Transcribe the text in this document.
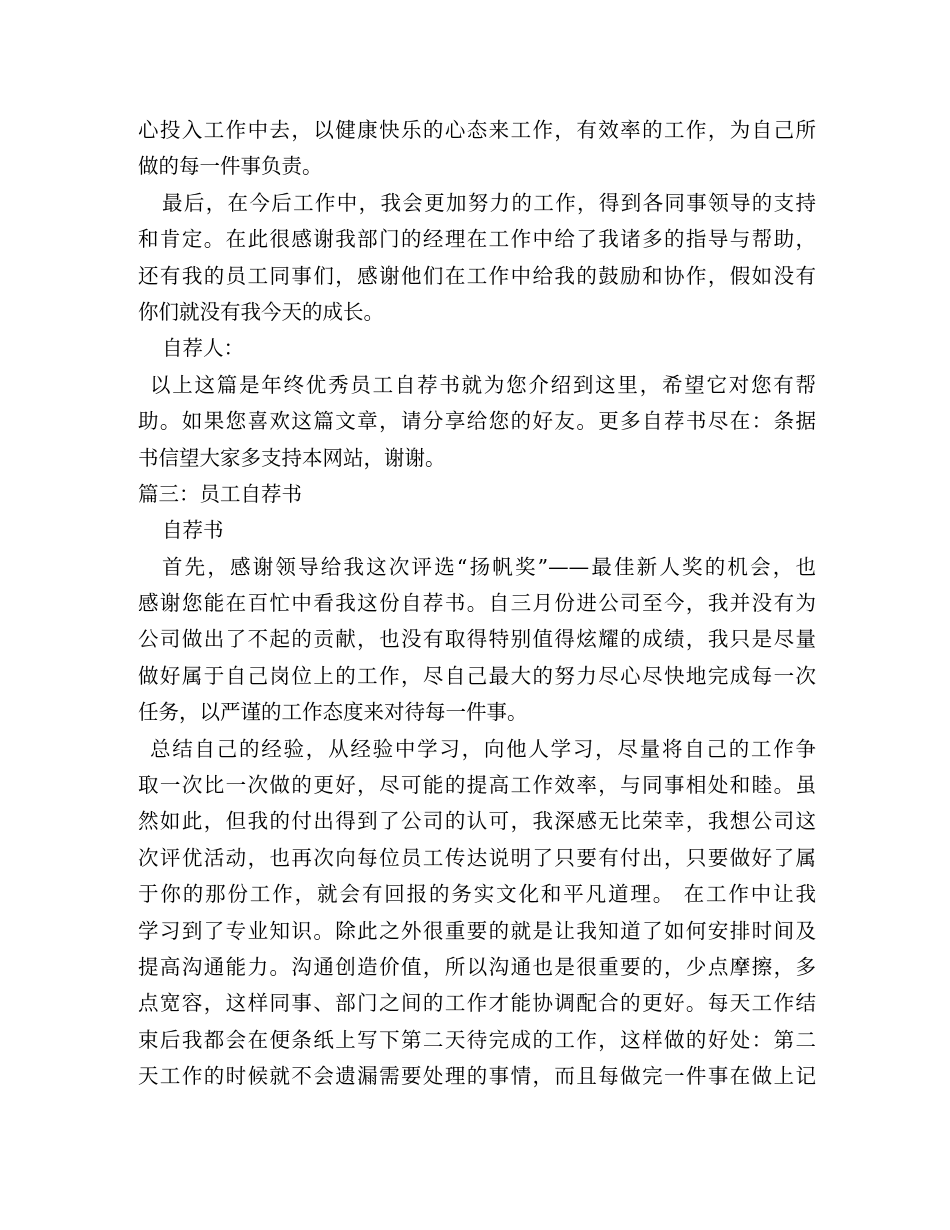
心投入工作中去，以健康快乐的心态来工作，有效率的工作，为自己所
做的每一件事负责。
最后，在今后工作中，我会更加努力的工作，得到各同事领导的支持
和肯定。在此很感谢我部门的经理在工作中给了我诸多的指导与帮助，
还有我的员工同事们，感谢他们在工作中给我的鼓励和协作，假如没有
你们就没有我今天的成长。
自荐人：
以上这篇是年终优秀员工自荐书就为您介绍到这里，希望它对您有帮
助。如果您喜欢这篇文章，请分享给您的好友。更多自荐书尽在：条据
书信望大家多支持本网站，谢谢。
篇三：员工自荐书
自荐书
首先，感谢领导给我这次评选“扬帆奖”——最佳新人奖的机会，也
感谢您能在百忙中看我这份自荐书。自三月份进公司至今，我并没有为
公司做出了不起的贡献，也没有取得特别值得炫耀的成绩，我只是尽量
做好属于自己岗位上的工作，尽自己最大的努力尽心尽快地完成每一次
任务，以严谨的工作态度来对待每一件事。
总结自己的经验，从经验中学习，向他人学习，尽量将自己的工作争
取一次比一次做的更好，尽可能的提高工作效率，与同事相处和睦。虽
然如此，但我的付出得到了公司的认可，我深感无比荣幸，我想公司这
次评优活动，也再次向每位员工传达说明了只要有付出，只要做好了属
于你的那份工作，就会有回报的务实文化和平凡道理。 在工作中让我
学习到了专业知识。除此之外很重要的就是让我知道了如何安排时间及
提高沟通能力。沟通创造价值，所以沟通也是很重要的，少点摩擦，多
点宽容，这样同事、部门之间的工作才能协调配合的更好。每天工作结
束后我都会在便条纸上写下第二天待完成的工作，这样做的好处：第二
天工作的时候就不会遗漏需要处理的事情，而且每做完一件事在做上记
